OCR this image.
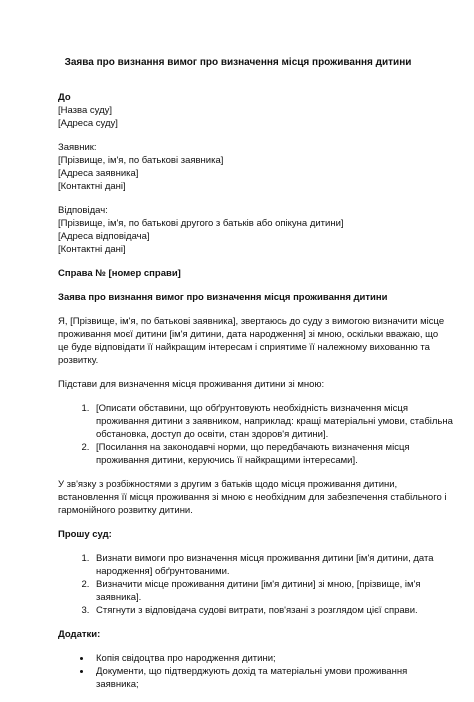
Заява про визнання вимог про визначення місця проживання дитини
До
[Назва суду]
[Адреса суду]
Заявник:
[Прізвище, ім'я, по батькові заявника]
[Адреса заявника]
[Контактні дані]
Відповідач:
[Прізвище, ім'я, по батькові другого з батьків або опікуна дитини]
[Адреса відповідача]
[Контактні дані]
Справа № [номер справи]
Заява про визнання вимог про визначення місця проживання дитини

Я, [Прізвище, ім'я, по батькові заявника], звертаюсь до суду з вимогою визначити місце
проживання моєї дитини [ім'я дитини, дата народження] зі мною, оскільки вважаю, що
це буде відповідати її найкращим інтересам і сприятиме її належному вихованню та
розвитку.

Підстави для визначення місця проживання дитини зі мною:

1. [Описати обставини, що обґрунтовують необхідність визначення місця
проживання дитини з заявником, наприклад: кращі матеріальні умови, стабільна
обстановка, доступ до освіти, стан здоров'я дитини].
2. [Посилання на законодавчі норми, що передбачають визначення місця
проживання дитини, керуючись її найкращими інтересами].

У зв'язку з розбіжностями з другим з батьків щодо місця проживання дитини,
встановлення її місця проживання зі мною є необхідним для забезпечення стабільного і
гармонійного розвитку дитини.

Прошу суд:
1. Визнати вимоги про визначення місця проживання дитини [ім'я дитини, дата
народження] обґрунтованими.
2. Визначити місце проживання дитини [ім'я дитини] зі мною, [прізвище, ім'я
заявника].
3. Стягнути з відповідача судові витрати, пов'язані з розглядом цієї справи.
Додатки:
• Копія свідоцтва про народження дитини;
• Документи, що підтверджують дохід та матеріальні умови проживання заявника;
